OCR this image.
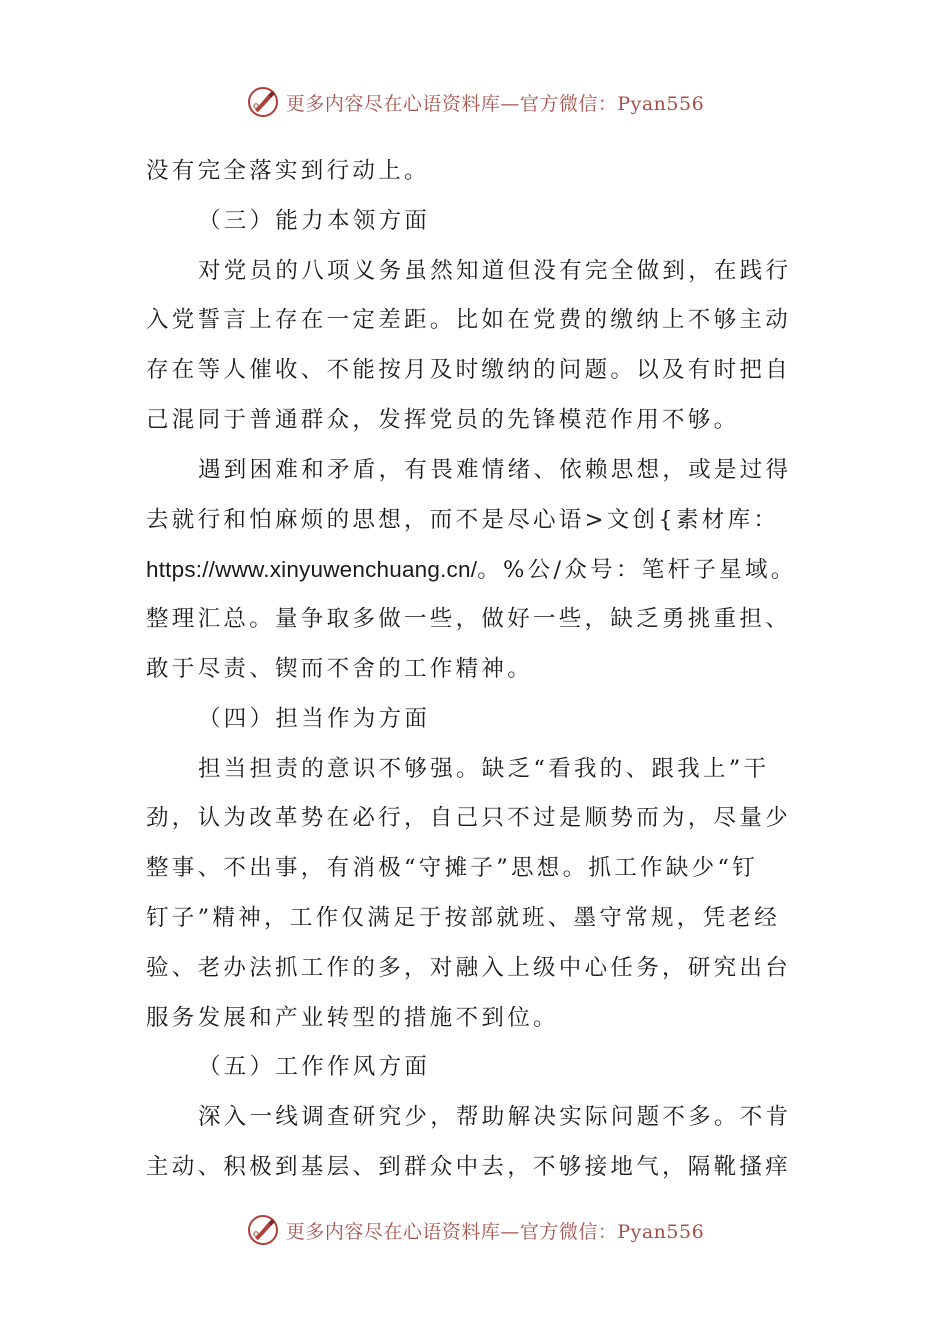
更多内容尽在心语资料库—官方微信：Pyan556
没有完全落实到行动上。
（三）能力本领方面
对党员的八项义务虽然知道但没有完全做到，在践行
入党誓言上存在一定差距。比如在党费的缴纳上不够主动
存在等人催收、不能按月及时缴纳的问题。以及有时把自
己混同于普通群众，发挥党员的先锋模范作用不够。
遇到困难和矛盾，有畏难情绪、依赖思想，或是过得
去就行和怕麻烦的思想，而不是尽心语>文创{素材库：
https://www.xinyuwenchuang.cn/。%公/众号：笔杆子星域。
整理汇总。量争取多做一些，做好一些，缺乏勇挑重担、
敢于尽责、锲而不舍的工作精神。
（四）担当作为方面
担当担责的意识不够强。缺乏“看我的、跟我上”干
劲，认为改革势在必行，自己只不过是顺势而为，尽量少
整事、不出事，有消极“守摊子”思想。抓工作缺少“钉
钉子”精神，工作仅满足于按部就班、墨守常规，凭老经
验、老办法抓工作的多，对融入上级中心任务，研究出台
服务发展和产业转型的措施不到位。
（五）工作作风方面
深入一线调查研究少，帮助解决实际问题不多。不肯
主动、积极到基层、到群众中去，不够接地气，隔靴搔痒
更多内容尽在心语资料库—官方微信：Pyan556
